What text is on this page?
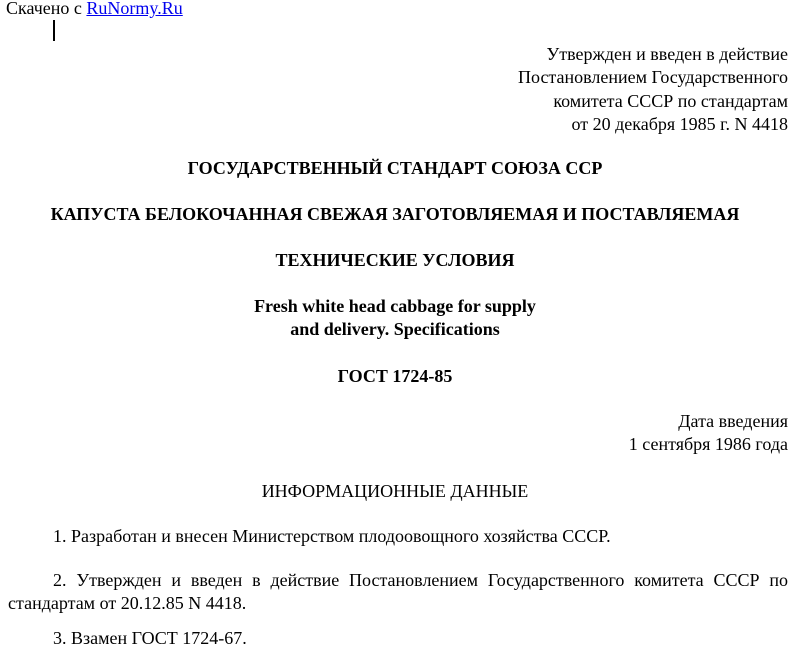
Скачено с RuNormy.Ru
Утвержден и введен в действие
Постановлением Государственного
комитета СССР по стандартам
от 20 декабря 1985 г. N 4418
ГОСУДАРСТВЕННЫЙ СТАНДАРТ СОЮЗА ССР
КАПУСТА БЕЛОКОЧАННАЯ СВЕЖАЯ ЗАГОТОВЛЯЕМАЯ И ПОСТАВЛЯЕМАЯ
ТЕХНИЧЕСКИЕ УСЛОВИЯ
Fresh white head cabbage for supply
and delivery. Specifications
ГОСТ 1724-85
Дата введения
1 сентября 1986 года
ИНФОРМАЦИОННЫЕ ДАННЫЕ
1. Разработан и внесен Министерством плодоовощного хозяйства СССР.
2. Утвержден и введен в действие Постановлением Государственного комитета СССР по стандартам от 20.12.85 N 4418.
3. Взамен ГОСТ 1724-67.
